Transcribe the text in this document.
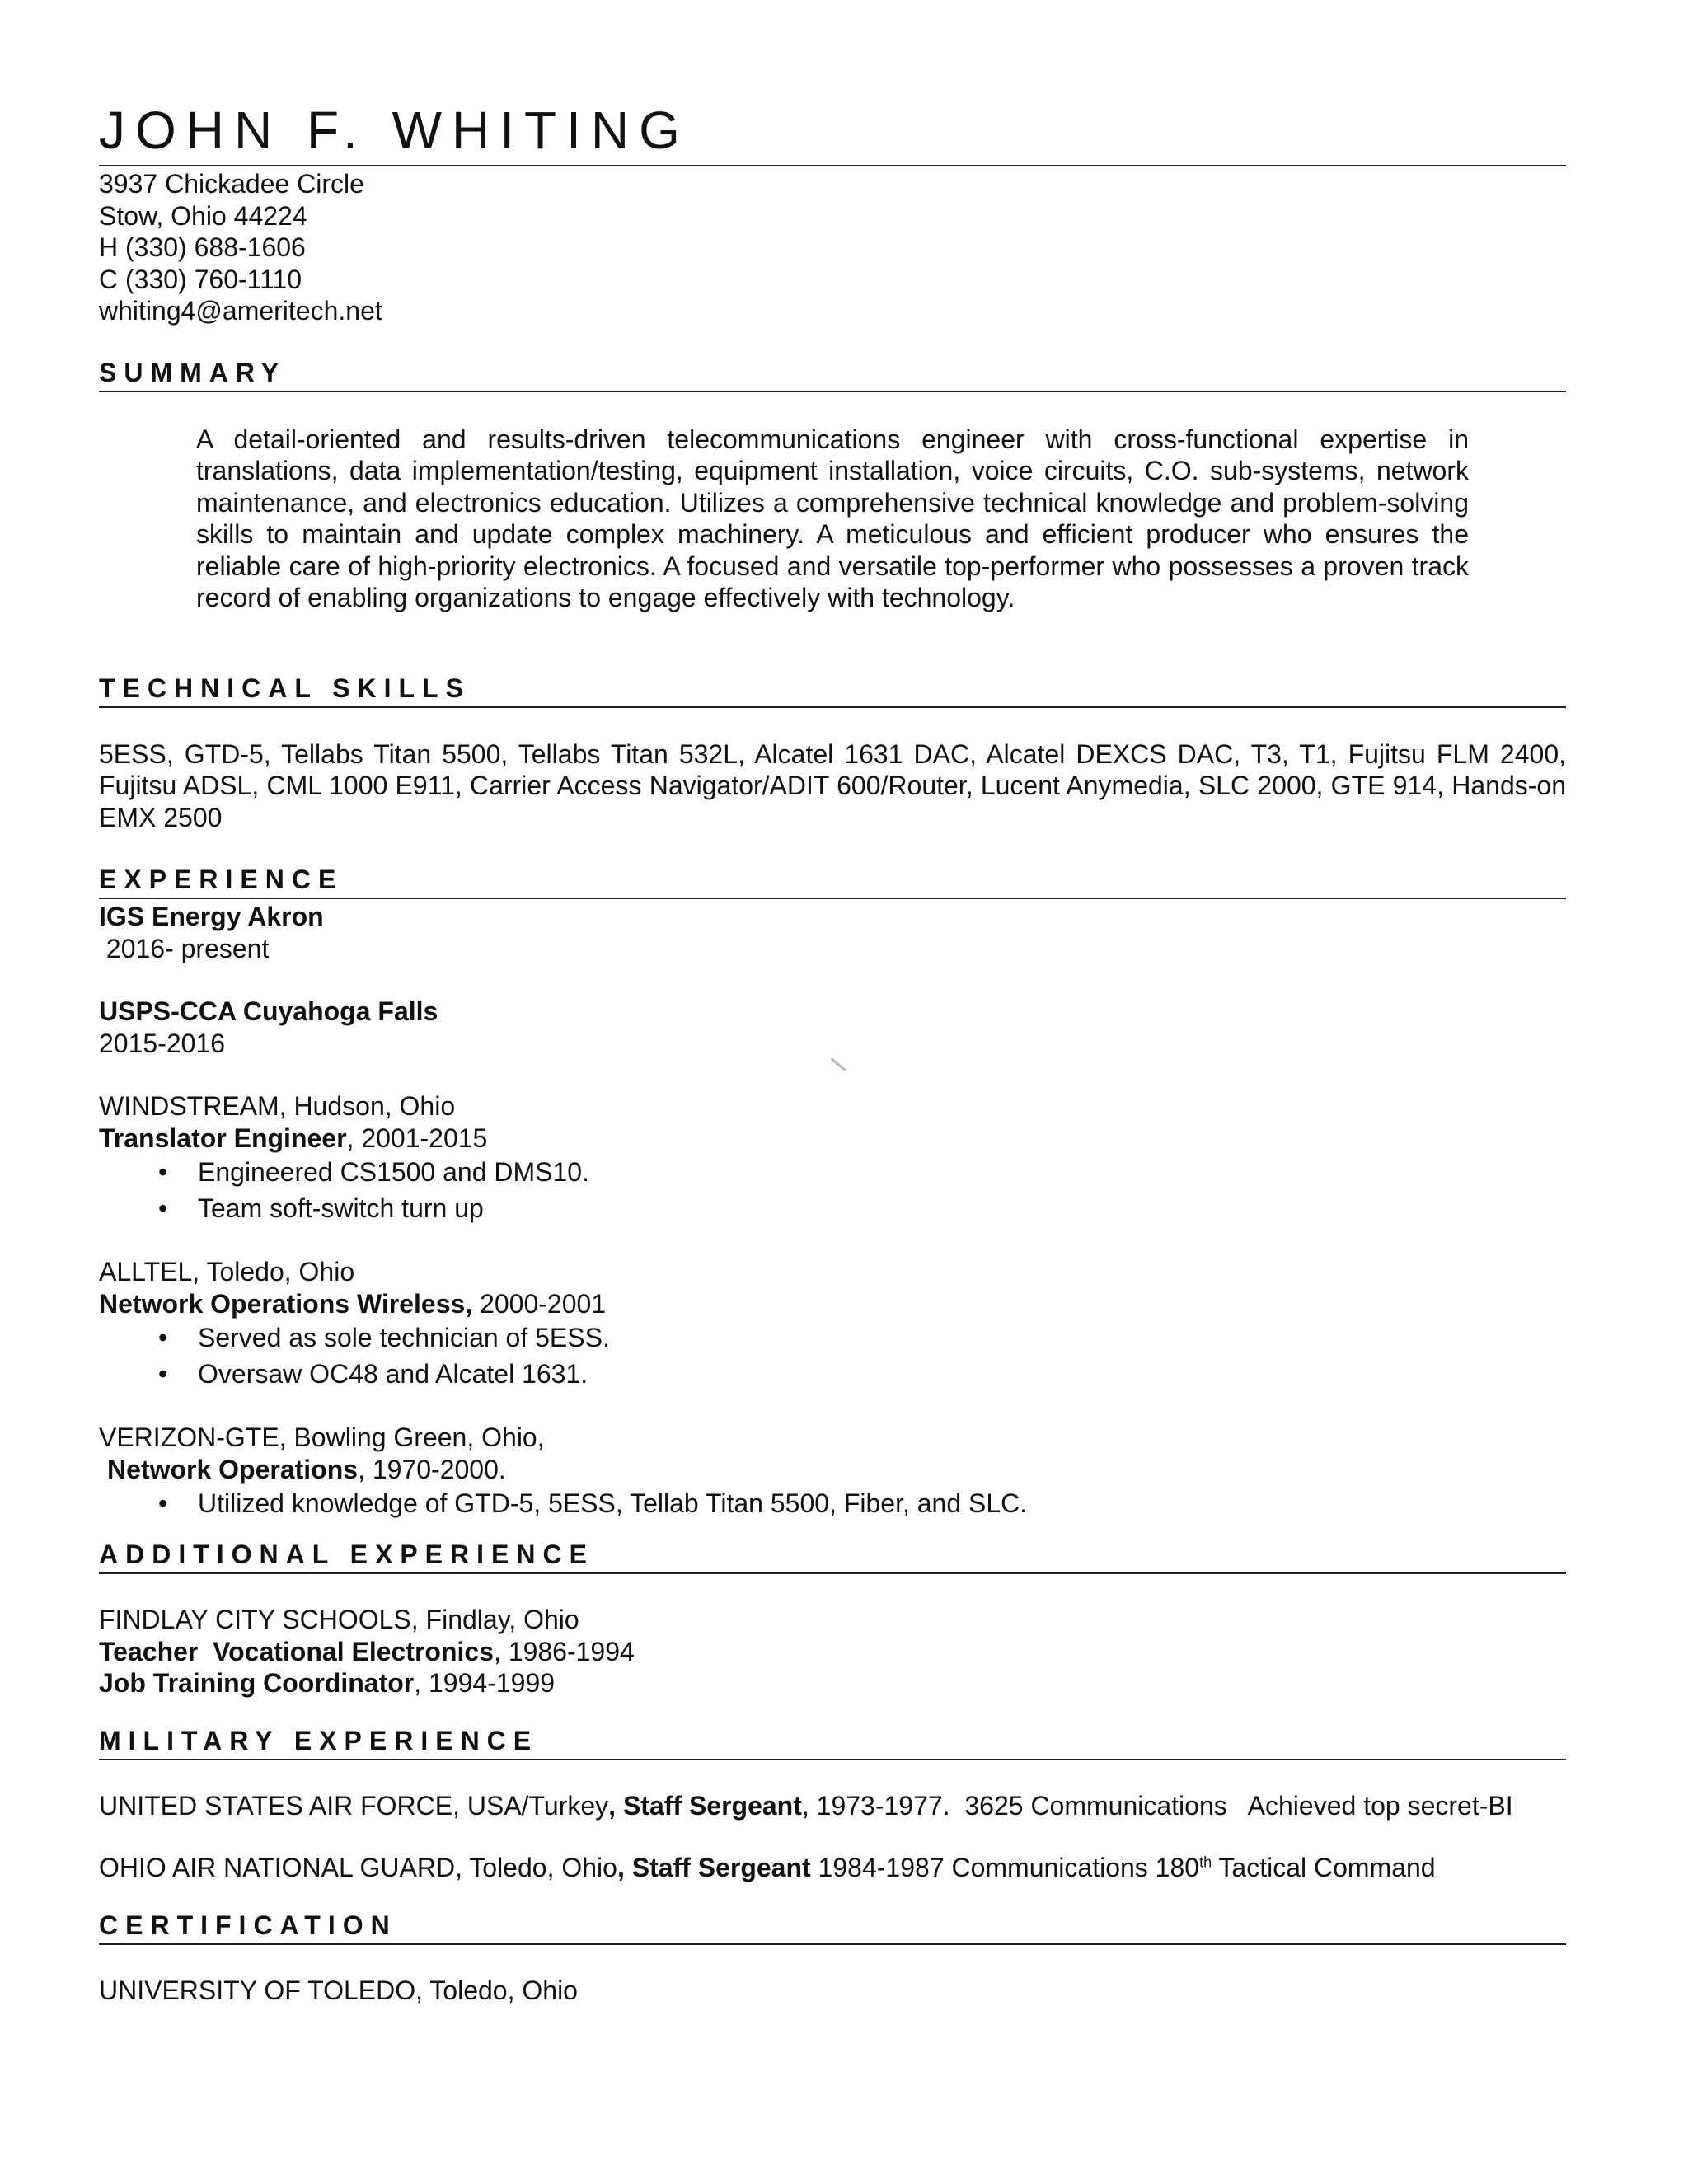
JOHN F. WHITING
3937 Chickadee Circle
Stow, Ohio 44224
H (330) 688-1606
C (330) 760-1110
whiting4@ameritech.net
SUMMARY
A detail-oriented and results-driven telecommunications engineer with cross-functional expertise in translations, data implementation/testing, equipment installation, voice circuits, C.O. sub-systems, network maintenance, and electronics education. Utilizes a comprehensive technical knowledge and problem-solving skills to maintain and update complex machinery. A meticulous and efficient producer who ensures the reliable care of high-priority electronics. A focused and versatile top-performer who possesses a proven track record of enabling organizations to engage effectively with technology.
TECHNICAL SKILLS
5ESS, GTD-5, Tellabs Titan 5500, Tellabs Titan 532L, Alcatel 1631 DAC, Alcatel DEXCS DAC, T3, T1, Fujitsu FLM 2400, Fujitsu ADSL, CML 1000 E911, Carrier Access Navigator/ADIT 600/Router, Lucent Anymedia, SLC 2000, GTE 914, Hands-on EMX 2500
EXPERIENCE
IGS Energy Akron
2016- present
USPS-CCA Cuyahoga Falls
2015-2016
WINDSTREAM, Hudson, Ohio
Translator Engineer, 2001-2015
• Engineered CS1500 and DMS10.
• Team soft-switch turn up
ALLTEL, Toledo, Ohio
Network Operations Wireless, 2000-2001
• Served as sole technician of 5ESS.
• Oversaw OC48 and Alcatel 1631.
VERIZON-GTE, Bowling Green, Ohio,
Network Operations, 1970-2000.
• Utilized knowledge of GTD-5, 5ESS, Tellab Titan 5500, Fiber, and SLC.
ADDITIONAL EXPERIENCE
FINDLAY CITY SCHOOLS, Findlay, Ohio
Teacher  Vocational Electronics, 1986-1994
Job Training Coordinator, 1994-1999
MILITARY EXPERIENCE
UNITED STATES AIR FORCE, USA/Turkey, Staff Sergeant, 1973-1977.  3625 Communications   Achieved top secret-BI
OHIO AIR NATIONAL GUARD, Toledo, Ohio, Staff Sergeant 1984-1987 Communications 180th Tactical Command
CERTIFICATION
UNIVERSITY OF TOLEDO, Toledo, Ohio
